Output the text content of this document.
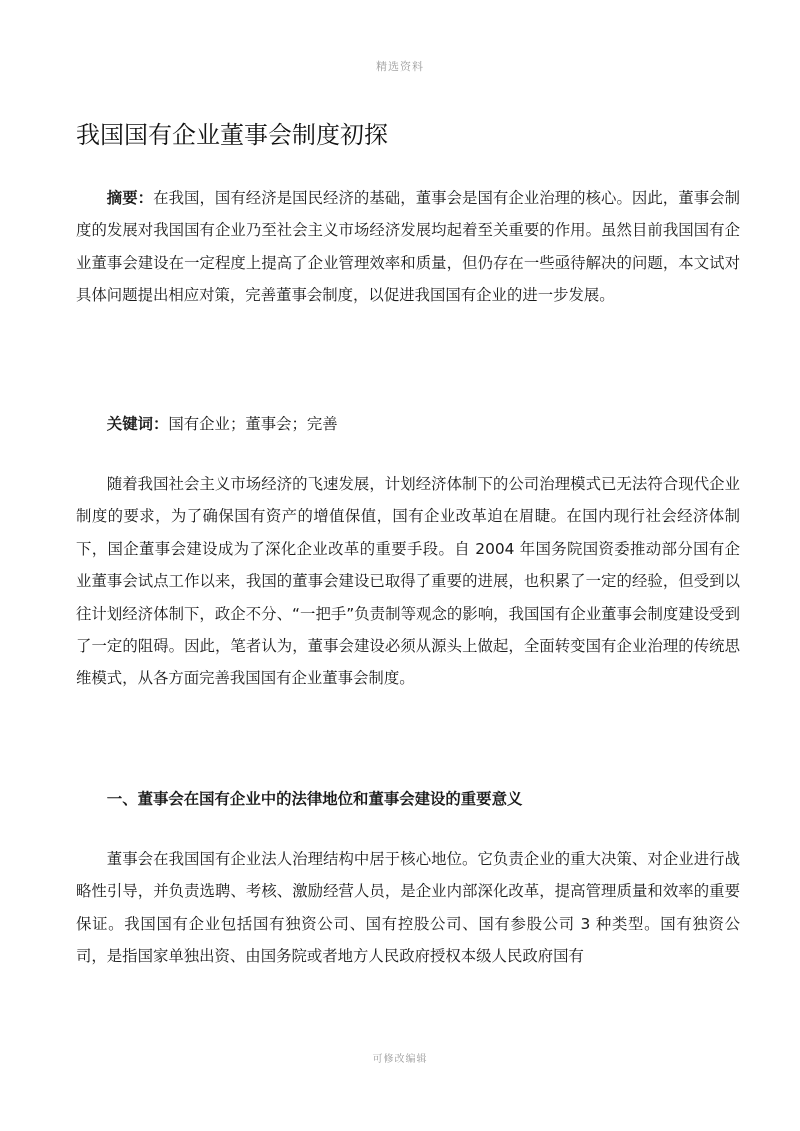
精选资料
我国国有企业董事会制度初探

摘要：在我国，国有经济是国民经济的基础，董事会是国有企业治理的核心。因此，董事会制度的发展对我国国有企业乃至社会主义市场经济发展均起着至关重要的作用。虽然目前我国国有企业董事会建设在一定程度上提高了企业管理效率和质量，但仍存在一些亟待解决的问题，本文试对具体问题提出相应对策，完善董事会制度，以促进我国国有企业的进一步发展。

关键词：国有企业；董事会；完善

随着我国社会主义市场经济的飞速发展，计划经济体制下的公司治理模式已无法符合现代企业制度的要求，为了确保国有资产的增值保值，国有企业改革迫在眉睫。在国内现行社会经济体制下，国企董事会建设成为了深化企业改革的重要手段。自 2004 年国务院国资委推动部分国有企业董事会试点工作以来，我国的董事会建设已取得了重要的进展，也积累了一定的经验，但受到以往计划经济体制下，政企不分、“一把手”负责制等观念的影响，我国国有企业董事会制度建设受到了一定的阻碍。因此，笔者认为，董事会建设必须从源头上做起，全面转变国有企业治理的传统思维模式，从各方面完善我国国有企业董事会制度。

一、董事会在国有企业中的法律地位和董事会建设的重要意义

董事会在我国国有企业法人治理结构中居于核心地位。它负责企业的重大决策、对企业进行战略性引导，并负责选聘、考核、激励经营人员，是企业内部深化改革，提高管理质量和效率的重要保证。我国国有企业包括国有独资公司、国有控股公司、国有参股公司 3 种类型。国有独资公司，是指国家单独出资、由国务院或者地方人民政府授权本级人民政府国有

可修改编辑
